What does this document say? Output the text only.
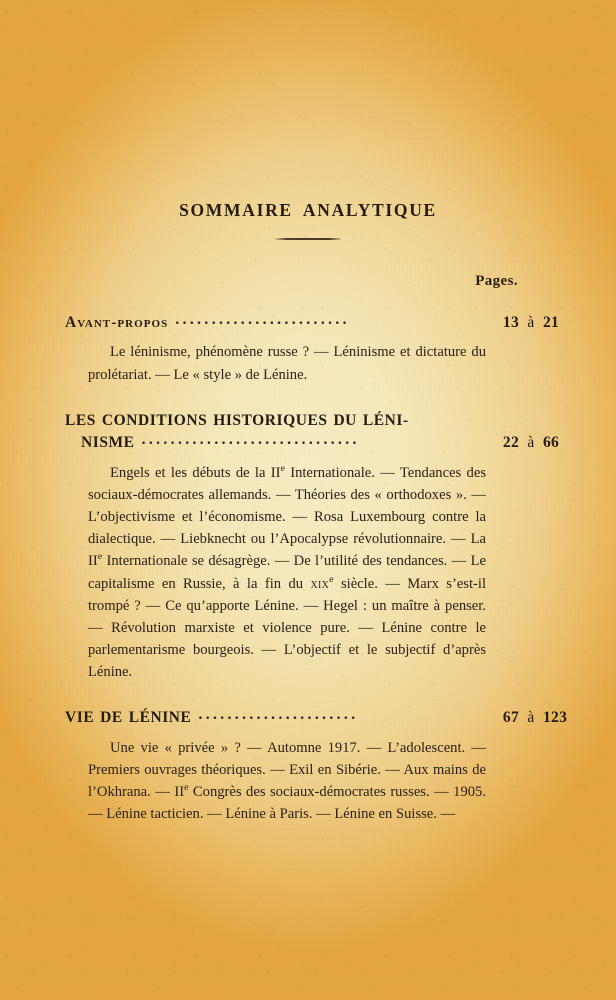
SOMMAIRE ANALYTIQUE
Pages.
Avant-propos ........................	13 à 21

Le léninisme, phénomène russe ? — Léninisme et dictature du prolétariat. — Le « style » de Lénine.

LES CONDITIONS HISTORIQUES DU LÉNI-
NISME ..............................	22 à 66

Engels et les débuts de la IIe Internationale. — Tendances des sociaux-démocrates allemands. — Théories des « orthodoxes ». — L’objectivisme et l’économisme. — Rosa Luxembourg contre la dialectique. — Liebknecht ou l’Apocalypse révolutionnaire. — La IIe Internationale se désagrège. — De l’utilité des tendances. — Le capitalisme en Russie, à la fin du xix$^e$ siècle. — Marx s’est-il trompé ? — Ce qu’apporte Lénine. — Hegel : un maître à penser. — Révolution marxiste et violence pure. — Lénine contre le parlementarisme bourgeois. — L’objectif et le subjectif d’après Lénine.

VIE DE LÉNINE ......................	67 à 123

Une vie « privée » ? — Automne 1917. — L’adolescent. — Premiers ouvrages théoriques. — Exil en Sibérie. — Aux mains de l’Okhrana. — IIe Congrès des sociaux-démocrates russes. — 1905. — Lénine tacticien. — Lénine à Paris. — Lénine en Suisse. —
